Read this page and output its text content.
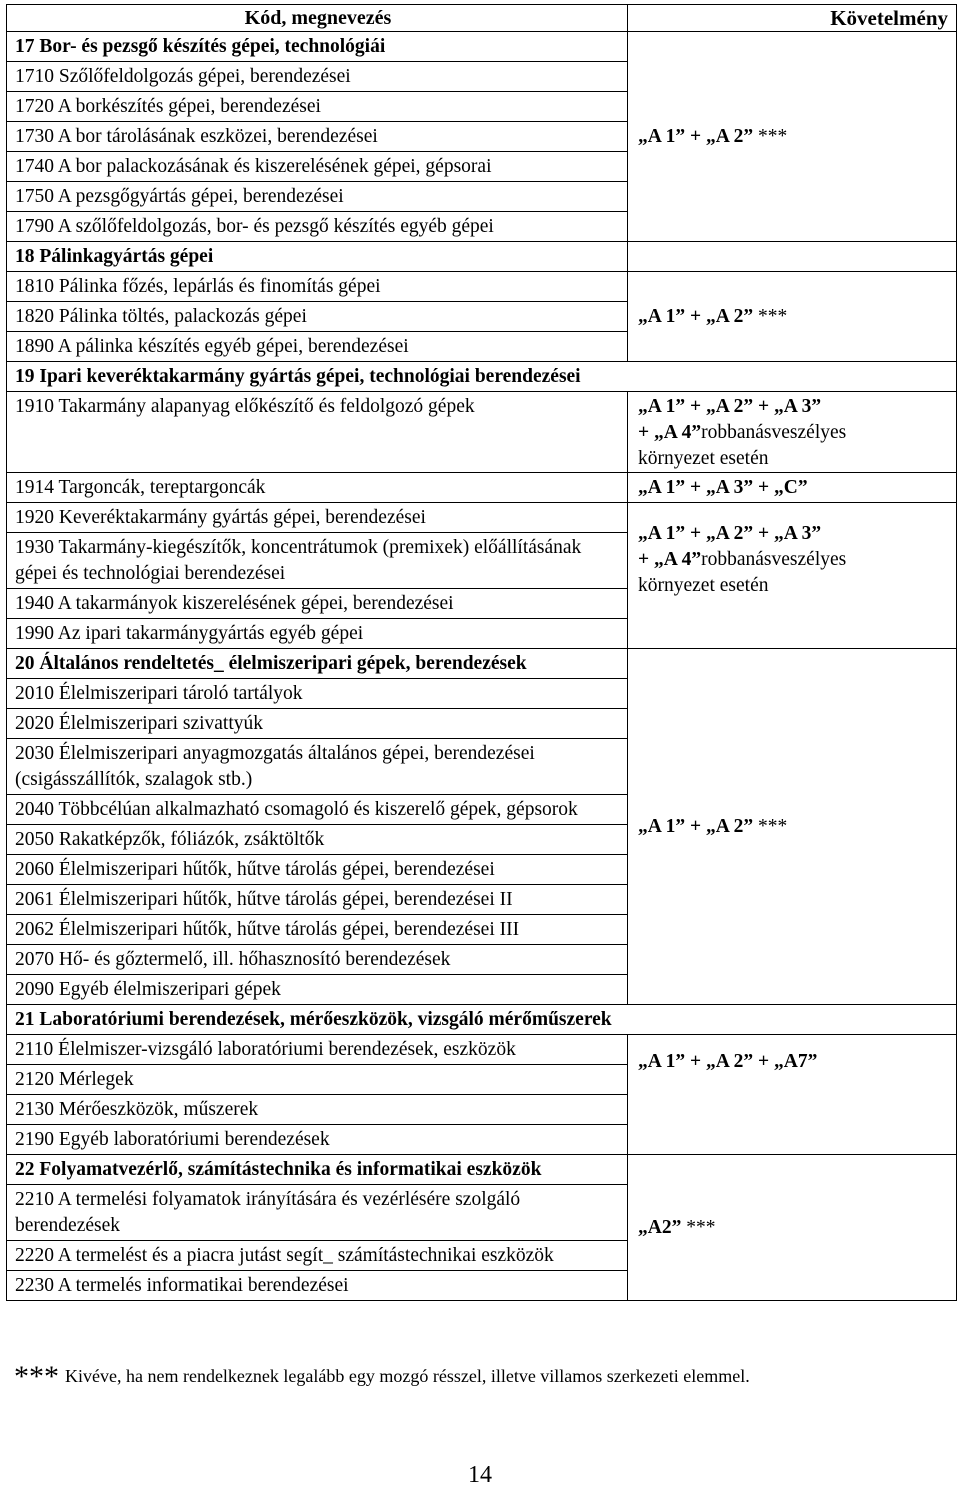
Kód, megnevezés	Követelmény
17 Bor- és pezsgő készítés gépei, technológiái	„A 1” + „A 2” ***
1710 Szőlőfeldolgozás gépei, berendezései	
1720 A borkészítés gépei, berendezései	
1730 A bor tárolásának eszközei, berendezései	
1740 A bor palackozásának és kiszerelésének gépei, gépsorai	
1750 A pezsgőgyártás gépei, berendezései	
1790 A szőlőfeldolgozás, bor- és pezsgő készítés egyéb gépei	
18 Pálinkagyártás gépei	
1810 Pálinka főzés, lepárlás és finomítás gépei	„A 1” + „A 2” ***
1820 Pálinka töltés, palackozás gépei	
1890 A pálinka készítés egyéb gépei, berendezései	
19 Ipari keveréktakarmány gyártás gépei, technológiai berendezései	
1910 Takarmány alapanyag előkészítő és feldolgozó gépek	„A 1” + „A 2” + „A 3”
+ „A 4”robbanásveszélyes
környezet esetén
1914 Targoncák, tereptargoncák	„A 1” + „A 3” + „C”
1920 Keveréktakarmány gyártás gépei, berendezései	„A 1” + „A 2” + „A 3”
+ „A 4”robbanásveszélyes
környezet esetén
1930 Takarmány-kiegészítők, koncentrátumok (premixek) előállításának gépei és technológiai berendezései	
1940 A takarmányok kiszerelésének gépei, berendezései	
1990 Az ipari takarmánygyártás egyéb gépei	
20 Általános rendeltetés_ élelmiszeripari gépek, berendezések	„A 1” + „A 2” ***
2010 Élelmiszeripari tároló tartályok	
2020 Élelmiszeripari szivattyúk	
2030 Élelmiszeripari anyagmozgatás általános gépei, berendezései (csigásszállítók, szalagok stb.)	
2040 Többcélúan alkalmazható csomagoló és kiszerelő gépek, gépsorok	
2050 Rakatképzők, fóliázók, zsáktöltők	
2060 Élelmiszeripari hűtők, hűtve tárolás gépei, berendezései	
2061 Élelmiszeripari hűtők, hűtve tárolás gépei, berendezései II	
2062 Élelmiszeripari hűtők, hűtve tárolás gépei, berendezései III	
2070 Hő- és gőztermelő, ill. hőhasznosító berendezések	
2090 Egyéb élelmiszeripari gépek	
21 Laboratóriumi berendezések, mérőeszközök, vizsgáló mérőműszerek	
2110 Élelmiszer-vizsgáló laboratóriumi berendezések, eszközök	„A 1” + „A 2” + „A7”
2120 Mérlegek	
2130 Mérőeszközök, műszerek	
2190 Egyéb laboratóriumi berendezések	
22 Folyamatvezérlő, számítástechnika és informatikai eszközök	„A2” ***
2210 A termelési folyamatok irányítására és vezérlésére szolgáló berendezések	
2220 A termelést és a piacra jutást segít_ számítástechnikai eszközök	
2230 A termelés informatikai berendezései	
*** Kivéve, ha nem rendelkeznek legalább egy mozgó résszel, illetve villamos szerkezeti elemmel.
14
